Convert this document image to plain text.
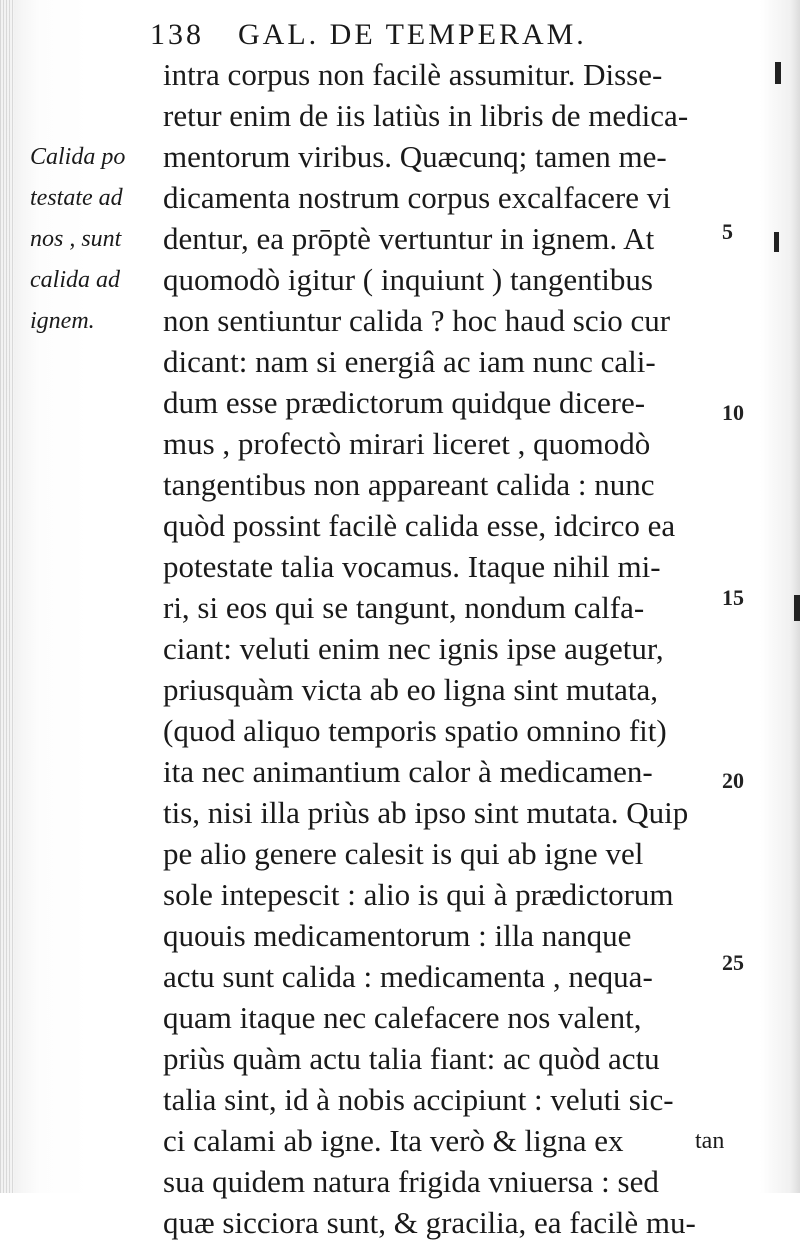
138 GAL. DE TEMPERAM.
intra corpus non facilè assumitur. Disse-
retur enim de iis latiùs in libris de medica-
mentorum viribus. Quæcunq; tamen me-
dicamenta nostrum corpus excalfacere vi
dentur, ea prōptè vertuntur in ignem. At
quomodò igitur ( inquiunt ) tangentibus
non sentiuntur calida ? hoc haud scio cur
dicant: nam si energiâ ac iam nunc cali-
dum esse prædictorum quidque dicere-
mus , profectò mirari liceret , quomodò
tangentibus non appareant calida : nunc
quòd possint facilè calida esse, idcirco ea
potestate talia vocamus. Itaque nihil mi-
ri, si eos qui se tangunt, nondum calfa-
ciant: veluti enim nec ignis ipse augetur,
priusquàm victa ab eo ligna sint mutata,
(quod aliquo temporis spatio omnino fit)
ita nec animantium calor à medicamen-
tis, nisi illa priùs ab ipso sint mutata. Quip
pe alio genere calesit is qui ab igne vel
sole intepescit : alio is qui à prædictorum
quouis medicamentorum : illa nanque
actu sunt calida : medicamenta , nequa-
quam itaque nec calefacere nos valent,
priùs quàm actu talia fiant: ac quòd actu
talia sint, id à nobis accipiunt : veluti sic-
ci calami ab igne. Ita verò & ligna ex
sua quidem natura frigida vniuersa : sed
quæ sicciora sunt, & gracilia, ea facilè mu-
Calida po
testate ad
nos , sunt
calida ad
ignem.
5
10
15
20
25
tan
